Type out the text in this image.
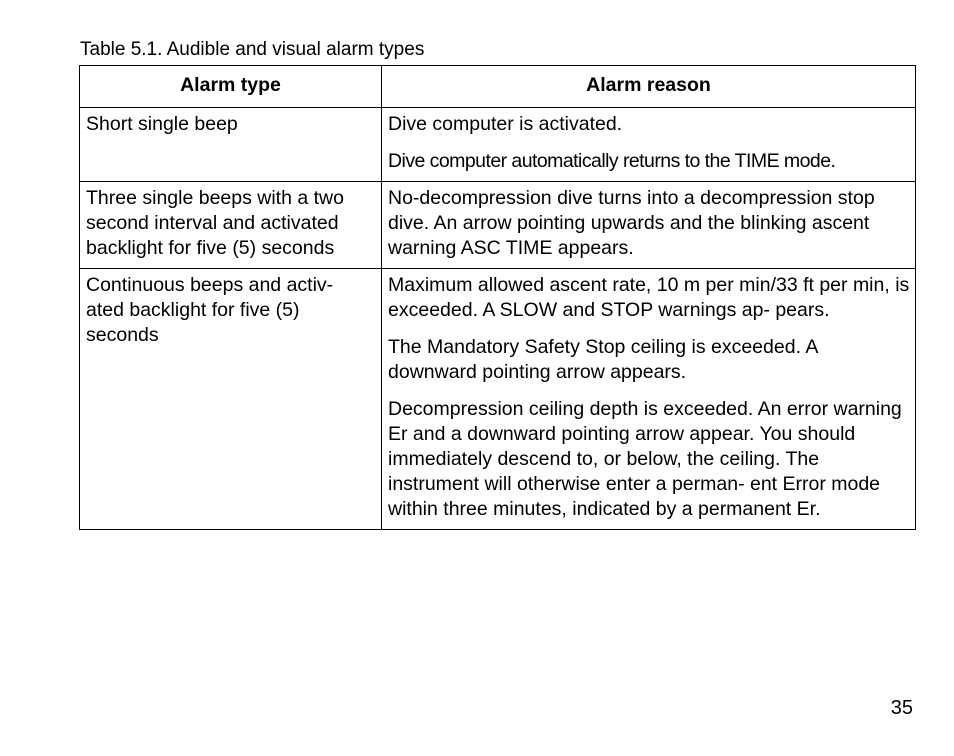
Table 5.1. Audible and visual alarm types
Alarm type	Alarm reason
Short single beep	Dive computer is activated.

Dive computer automatically returns to the TIME mode.

Three single beeps with a two second interval and activated backlight for five (5) seconds	No-decompression dive turns into a decompression stop dive. An arrow pointing upwards and the blinking ascent warning ASC TIME appears.

Continuous beeps and activ- ated backlight for five (5) seconds	Maximum allowed ascent rate, 10 m per min/33 ft per min, is exceeded. A SLOW and STOP warnings ap- pears.

The Mandatory Safety Stop ceiling is exceeded. A downward pointing arrow appears.

Decompression ceiling depth is exceeded. An error warning Er and a downward pointing arrow appear. You should immediately descend to, or below, the ceiling. The instrument will otherwise enter a perman- ent Error mode within three minutes, indicated by a permanent Er.

35
